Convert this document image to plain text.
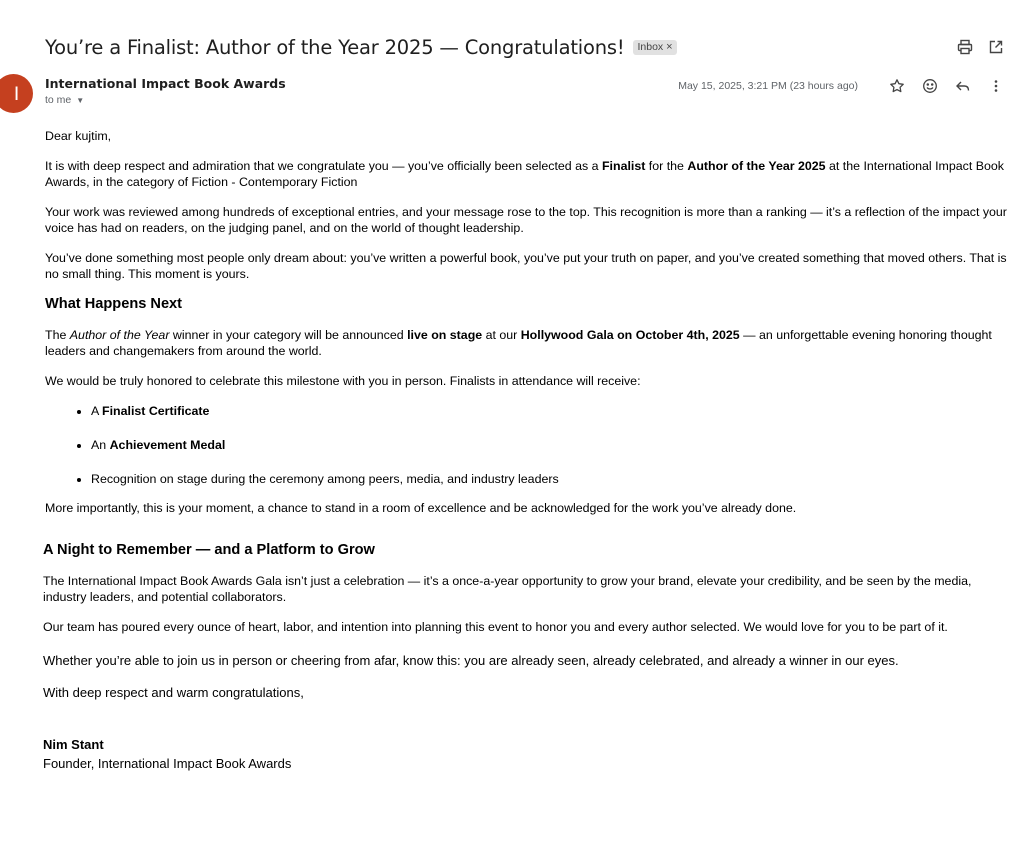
You’re a Finalist: Author of the Year 2025 — Congratulations! Inbox ×
I	International Impact Book Awards
to me ▼
May 15, 2025, 3:21 PM (23 hours ago)

Dear kujtim,

It is with deep respect and admiration that we congratulate you — you’ve officially been selected as a Finalist for the Author of the Year 2025 at the International Impact Book Awards, in the category of Fiction - Contemporary Fiction

Your work was reviewed among hundreds of exceptional entries, and your message rose to the top. This recognition is more than a ranking — it’s a reflection of the impact your voice has had on readers, on the judging panel, and on the world of thought leadership.

You’ve done something most people only dream about: you’ve written a powerful book, you’ve put your truth on paper, and you’ve created something that moved others. That is no small thing. This moment is yours.

What Happens Next

The Author of the Year winner in your category will be announced live on stage at our Hollywood Gala on October 4th, 2025 — an unforgettable evening honoring thought leaders and changemakers from around the world.

We would be truly honored to celebrate this milestone with you in person. Finalists in attendance will receive:

• A Finalist Certificate
• An Achievement Medal
• Recognition on stage during the ceremony among peers, media, and industry leaders

More importantly, this is your moment, a chance to stand in a room of excellence and be acknowledged for the work you’ve already done.

A Night to Remember — and a Platform to Grow

The International Impact Book Awards Gala isn’t just a celebration — it’s a once-a-year opportunity to grow your brand, elevate your credibility, and be seen by the media, industry leaders, and potential collaborators.

Our team has poured every ounce of heart, labor, and intention into planning this event to honor you and every author selected. We would love for you to be part of it.

Whether you’re able to join us in person or cheering from afar, know this: you are already seen, already celebrated, and already a winner in our eyes.

With deep respect and warm congratulations,

Nim Stant
Founder, International Impact Book Awards
